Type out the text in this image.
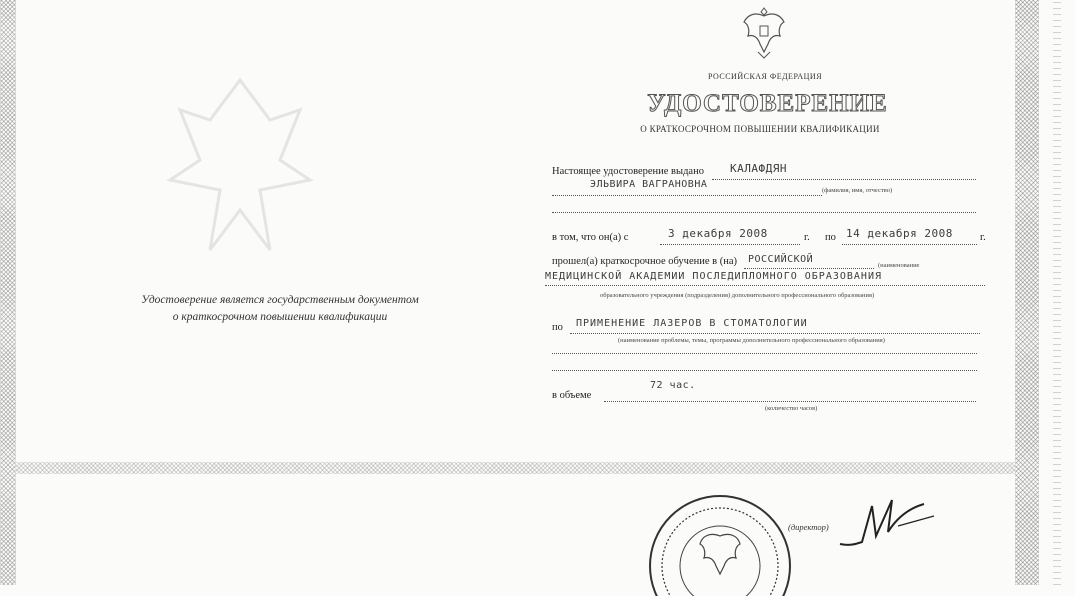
Удостоверение является государственным документом
о краткосрочном повышении квалификации
РОССИЙСКАЯ ФЕДЕРАЦИЯ
УДОСТОВЕРЕНИЕ
О КРАТКОСРОЧНОМ ПОВЫШЕНИИ КВАЛИФИКАЦИИ
Настоящее удостоверение выдано КАЛАФДЯН
ЭЛЬВИРА ВАГРАНОВНА
(фамилия, имя, отчество)
в том, что он(а) с	3 декабря 2008	г. по 14 декабря 2008	г.
прошел(а) краткосрочное обучение в (на) РОССИЙСКОЙ
(наименование
МЕДИЦИНСКОЙ АКАДЕМИИ ПОСЛЕДИПЛОМНОГО ОБРАЗОВАНИЯ
образовательного учреждения (подразделения) дополнительного профессионального образования)
по ПРИМЕНЕНИЕ ЛАЗЕРОВ В СТОМАТОЛОГИИ
(наименование проблемы, темы, программы дополнительного профессионального образования)
в объеме
72 час.
(количество часов)
(директор)
